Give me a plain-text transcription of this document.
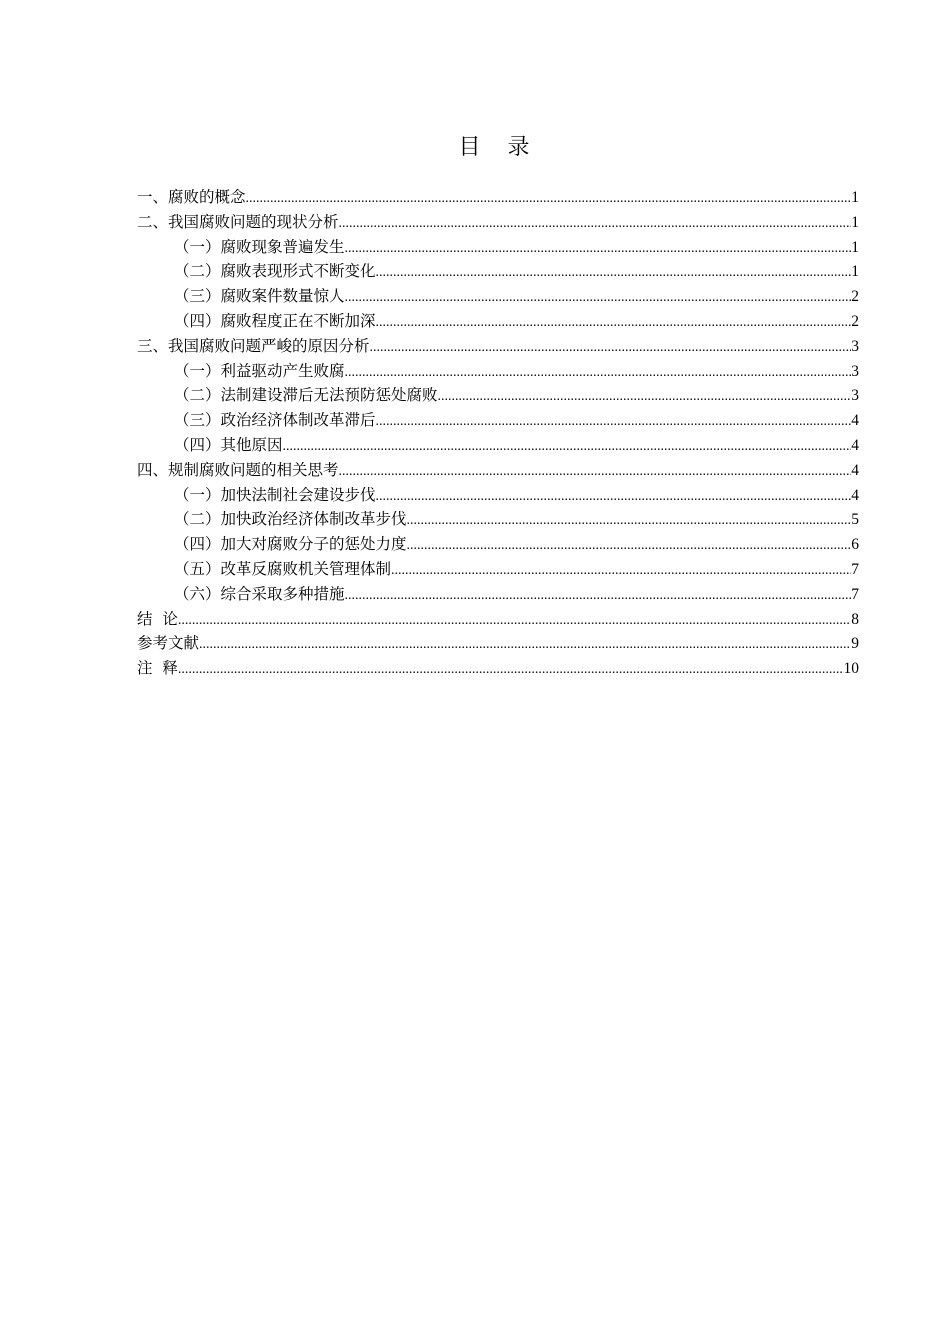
目 录
一、腐败的概念 .....	1
二、我国腐败问题的现状分析 .....	1
（一）腐败现象普遍发生 .....	1
（二）腐败表现形式不断变化 .....	1
（三）腐败案件数量惊人 .....	2
（四）腐败程度正在不断加深 .....	2
三、我国腐败问题严峻的原因分析 .....	3
（一）利益驱动产生败腐 .....	3
（二）法制建设滞后无法预防惩处腐败 .....	3
（三）政治经济体制改革滞后 .....	4
（四）其他原因 .....	4
四、规制腐败问题的相关思考 .....	4
（一）加快法制社会建设步伐 .....	4
（二）加快政治经济体制改革步伐 .....	5
（四）加大对腐败分子的惩处力度 .....	6
（五）改革反腐败机关管理体制 .....	7
（六）综合采取多种措施 .....	7
结  论 .....	8
参考文献 .....	9
注  释 .....	10
